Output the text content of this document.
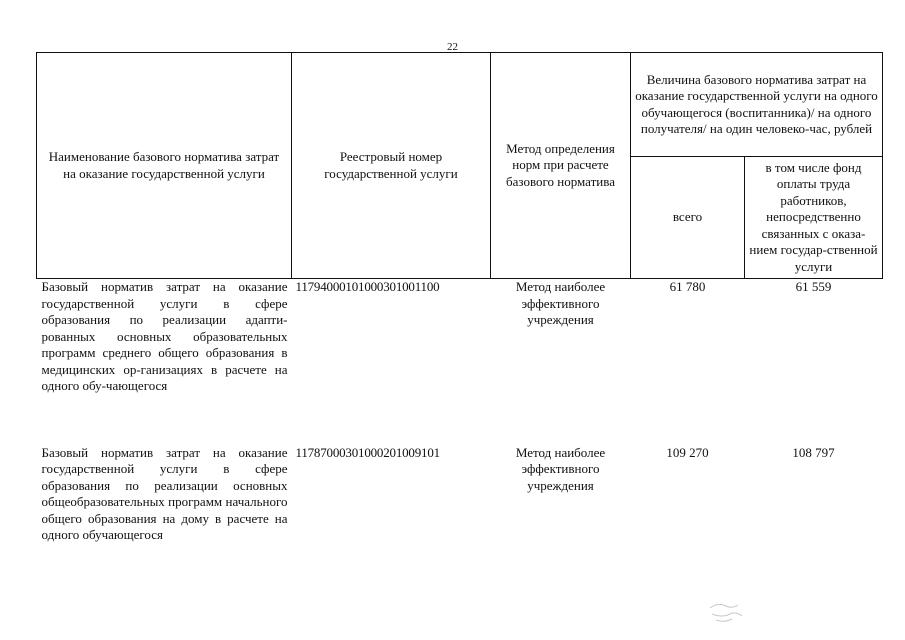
22
Наименование базового норматива затрат на оказание государственной услуги	Реестровый номер государственной услуги	Метод определения норм при расчете базового норматива	Величина базового норматива затрат на оказание государственной услуги на одного обучающегося (воспитанника)/ на одного получателя/ на один человеко-час, рублей	
			всего	в том числе фонд оплаты труда работников, непосредственно связанных с оказа-нием государ-ственной услуги
Базовый норматив затрат на оказание государственной услуги в сфере образования по реализации адапти-рованных основных образовательных программ среднего общего образования в медицинских ор-ганизациях в расчете на одного обу-чающегося	11794000101000301001100	Метод наиболее эффективного учреждения	61 780	61 559
Базовый норматив затрат на оказание государственной услуги в сфере образования по реализации основных общеобразовательных программ начального общего образования на дому в расчете на одного обучающегося	11787000301000201009101	Метод наиболее эффективного учреждения	109 270	108 797
